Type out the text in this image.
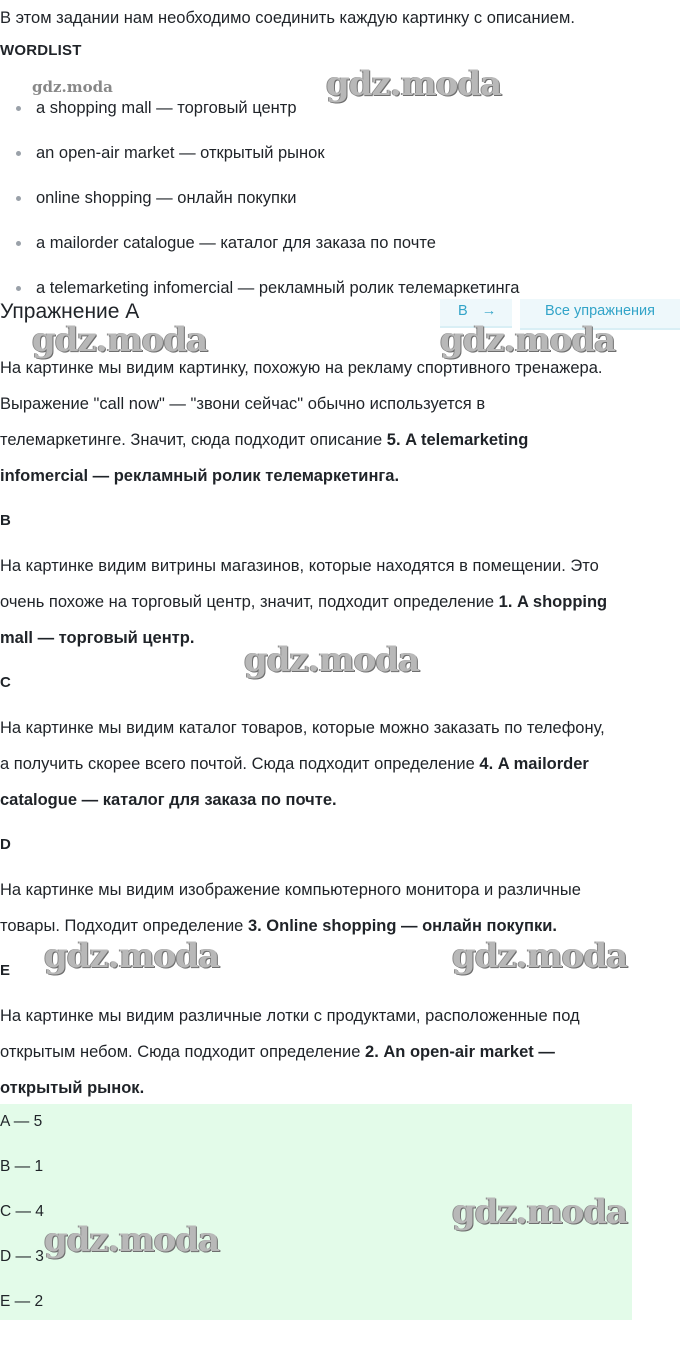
В этом задании нам необходимо соединить каждую картинку с описанием.

WORDLIST
a shopping mall — торговый центр
an open-air market — открытый рынок
online shopping — онлайн покупки
a mailorder catalogue — каталог для заказа по почте
a telemarketing infomercial — рекламный ролик телемаркетинга
Упражнение A	B →	Все упражнения
На картинке мы видим картинку, похожую на рекламу спортивного тренажера.
Выражение "call now" — "звони сейчас" обычно используется в
телемаркетинге. Значит, сюда подходит описание 5. A telemarketing
infomercial — рекламный ролик телемаркетинга.
B
На картинке видим витрины магазинов, которые находятся в помещении. Это
очень похоже на торговый центр, значит, подходит определение 1. A shopping
mall — торговый центр.
C
На картинке мы видим каталог товаров, которые можно заказать по телефону,
а получить скорее всего почтой. Сюда подходит определение 4. A mailorder
catalogue — каталог для заказа по почте.
D
На картинке мы видим изображение компьютерного монитора и различные
товары. Подходит определение 3. Online shopping — онлайн покупки.
E
На картинке мы видим различные лотки с продуктами, расположенные под
открытым небом. Сюда подходит определение 2. An open-air market —
открытый рынок.
A — 5
B — 1
C — 4
D — 3
E — 2
gdz.moda	gdz.moda
gdz.moda	gdz.moda
gdz.moda
gdz.moda	gdz.moda
gdz.moda
gdz.moda
